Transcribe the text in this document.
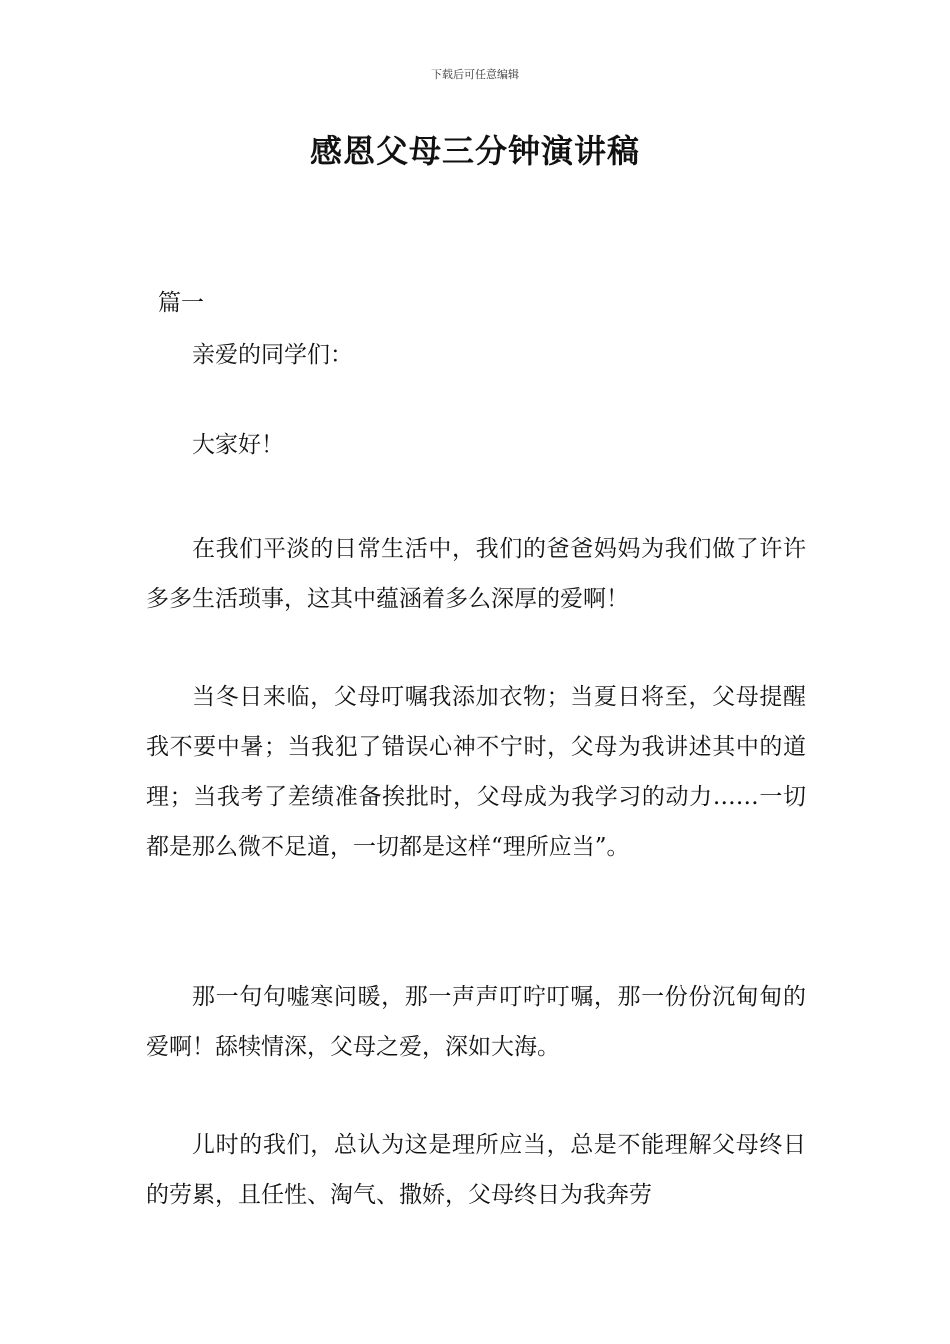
下载后可任意编辑
感恩父母三分钟演讲稿

篇一

亲爱的同学们：

大家好！

在我们平淡的日常生活中，我们的爸爸妈妈为我们做了许许多多生活琐事，这其中蕴涵着多么深厚的爱啊！

当冬日来临，父母叮嘱我添加衣物；当夏日将至，父母提醒我不要中暑；当我犯了错误心神不宁时，父母为我讲述其中的道理；当我考了差绩准备挨批时，父母成为我学习的动力……一切都是那么微不足道，一切都是这样“理所应当”。

那一句句嘘寒问暖，那一声声叮咛叮嘱，那一份份沉甸甸的爱啊！舔犊情深，父母之爱，深如大海。

儿时的我们，总认为这是理所应当，总是不能理解父母终日的劳累，且任性、淘气、撒娇，父母终日为我奔劳
